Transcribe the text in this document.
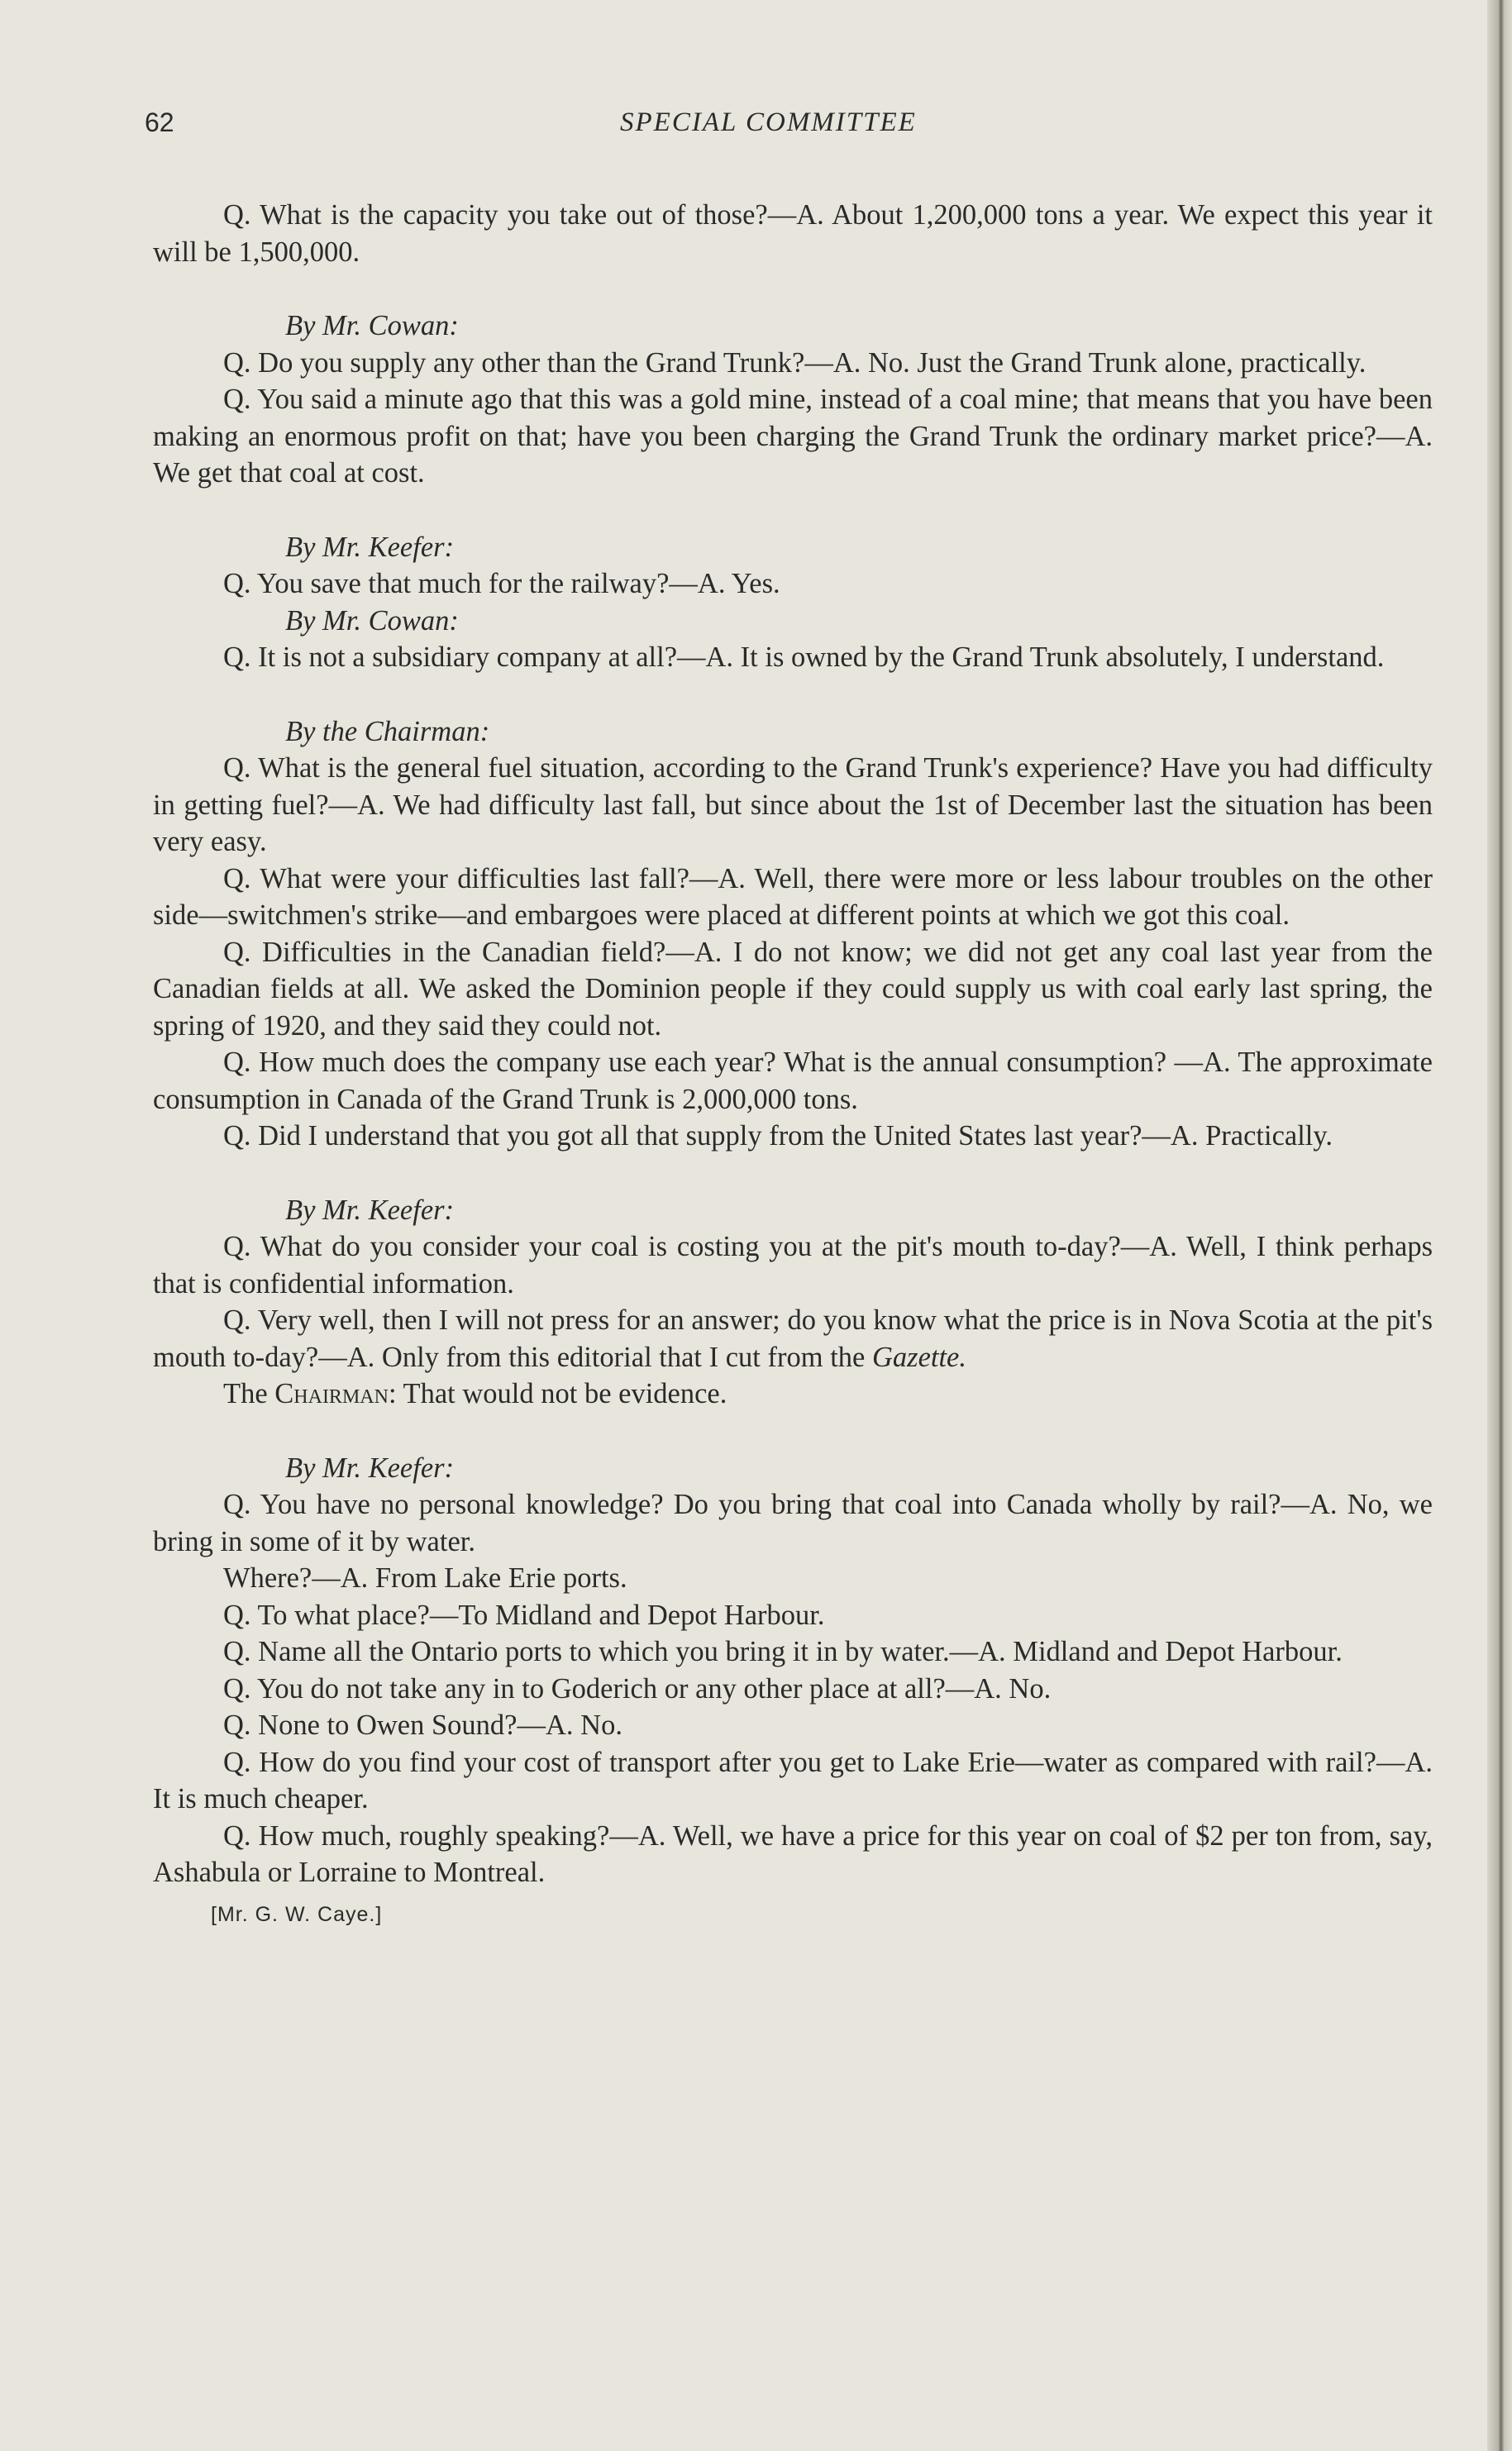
62	SPECIAL COMMITTEE

Q. What is the capacity you take out of those?—A. About 1,200,000 tons a year. We expect this year it will be 1,500,000.

By Mr. Cowan:

Q. Do you supply any other than the Grand Trunk?—A. No. Just the Grand Trunk alone, practically.

Q. You said a minute ago that this was a gold mine, instead of a coal mine; that means that you have been making an enormous profit on that; have you been charging the Grand Trunk the ordinary market price?—A. We get that coal at cost.

By Mr. Keefer:

Q. You save that much for the railway?—A. Yes.

By Mr. Cowan:

Q. It is not a subsidiary company at all?—A. It is owned by the Grand Trunk absolutely, I understand.

By the Chairman:

Q. What is the general fuel situation, according to the Grand Trunk's experience? Have you had difficulty in getting fuel?—A. We had difficulty last fall, but since about the 1st of December last the situation has been very easy.

Q. What were your difficulties last fall?—A. Well, there were more or less labour troubles on the other side—switchmen's strike—and embargoes were placed at different points at which we got this coal.

Q. Difficulties in the Canadian field?—A. I do not know; we did not get any coal last year from the Canadian fields at all. We asked the Dominion people if they could supply us with coal early last spring, the spring of 1920, and they said they could not.

Q. How much does the company use each year? What is the annual consumption? —A. The approximate consumption in Canada of the Grand Trunk is 2,000,000 tons.

Q. Did I understand that you got all that supply from the United States last year?—A. Practically.

By Mr. Keefer:

Q. What do you consider your coal is costing you at the pit's mouth to-day?—A. Well, I think perhaps that is confidential information.

Q. Very well, then I will not press for an answer; do you know what the price is in Nova Scotia at the pit's mouth to-day?—A. Only from this editorial that I cut from the Gazette.

The Chairman: That would not be evidence.

By Mr. Keefer:

Q. You have no personal knowledge? Do you bring that coal into Canada wholly by rail?—A. No, we bring in some of it by water.

Where?—A. From Lake Erie ports.

Q. To what place?—To Midland and Depot Harbour.

Q. Name all the Ontario ports to which you bring it in by water.—A. Midland and Depot Harbour.

Q. You do not take any in to Goderich or any other place at all?—A. No.

Q. None to Owen Sound?—A. No.

Q. How do you find your cost of transport after you get to Lake Erie—water as compared with rail?—A. It is much cheaper.

Q. How much, roughly speaking?—A. Well, we have a price for this year on coal of $2 per ton from, say, Ashabula or Lorraine to Montreal.

[Mr. G. W. Caye.]
